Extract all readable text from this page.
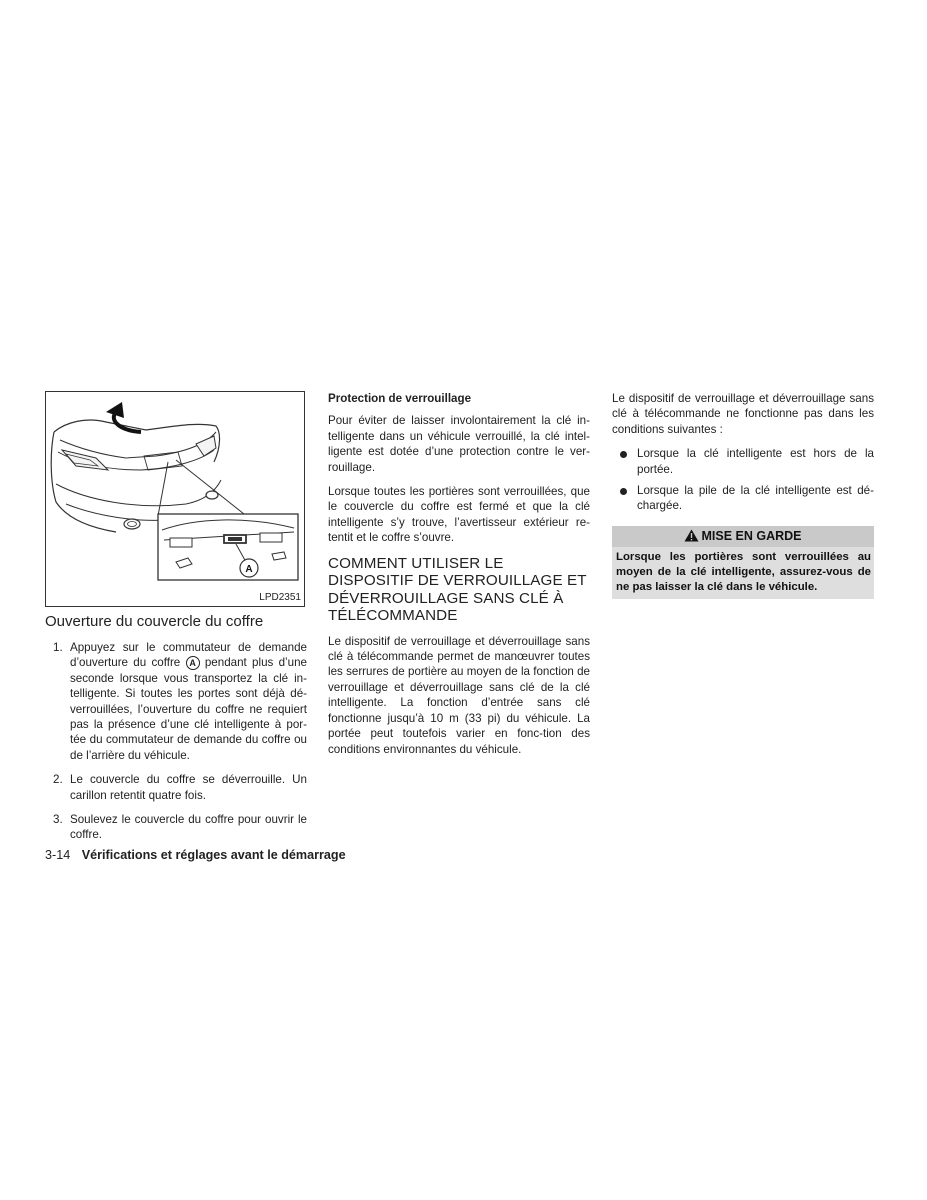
A
LPD2351
Ouverture du couvercle du coffre
1. Appuyez sur le commutateur de demande d’ouverture du coffre A pendant plus d’une seconde lorsque vous transportez la clé in-telligente. Si toutes les portes sont déjà dé-verrouillées, l’ouverture du coffre ne requiert pas la présence d’une clé intelligente à por-tée du commutateur de demande du coffre ou de l’arrière du véhicule.
2. Le couvercle du coffre se déverrouille. Un carillon retentit quatre fois.
3. Soulevez le couvercle du coffre pour ouvrir le coffre.
Protection de verrouillage

Pour éviter de laisser involontairement la clé in-telligente dans un véhicule verrouillé, la clé intel-ligente est dotée d’une protection contre le ver-rouillage.

Lorsque toutes les portières sont verrouillées, que le couvercle du coffre est fermé et que la clé intelligente s’y trouve, l’avertisseur extérieur re-tentit et le coffre s’ouvre.

COMMENT UTILISER LE DISPOSITIF DE VERROUILLAGE ET DÉVERROUILLAGE SANS CLÉ À TÉLÉCOMMANDE

Le dispositif de verrouillage et déverrouillage sans clé à télécommande permet de manœuvrer toutes les serrures de portière au moyen de la fonction de verrouillage et déverrouillage sans clé de la clé intelligente. La fonction d’entrée sans clé fonctionne jusqu’à 10 m (33 pi) du véhicule. La portée peut toutefois varier en fonc-tion des conditions environnantes du véhicule.

Le dispositif de verrouillage et déverrouillage sans clé à télécommande ne fonctionne pas dans les conditions suivantes :

Lorsque la clé intelligente est hors de la portée.
Lorsque la pile de la clé intelligente est dé-chargée.
MISE EN GARDE
Lorsque les portières sont verrouillées au moyen de la clé intelligente, assurez-vous de ne pas laisser la clé dans le véhicule.
3-14 Vérifications et réglages avant le démarrage
